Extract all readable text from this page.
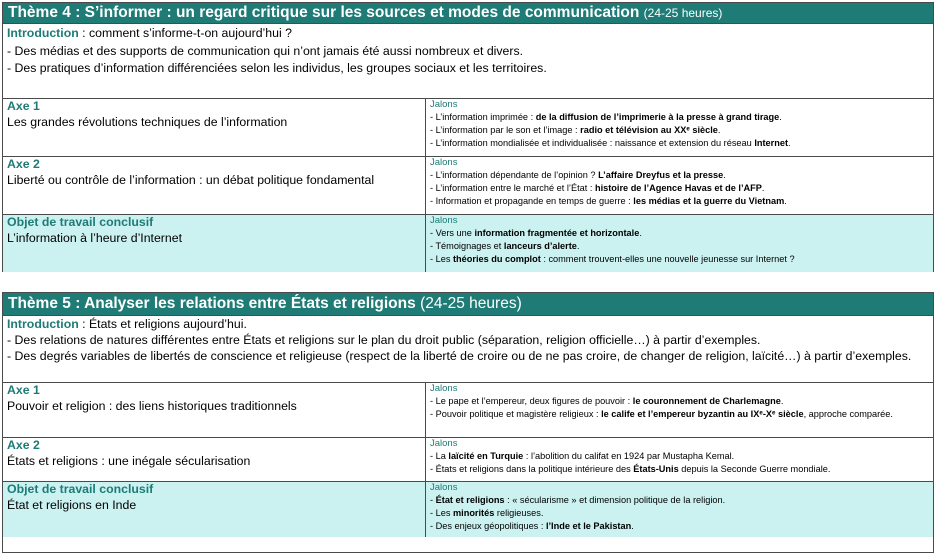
Thème 4 : S’informer : un regard critique sur les sources et modes de communication (24-25 heures)
Introduction : comment s’informe-t-on aujourd’hui ?
- Des médias et des supports de communication qui n’ont jamais été aussi nombreux et divers.
- Des pratiques d’information différenciées selon les individus, les groupes sociaux et les territoires.
Axe 1
Les grandes révolutions techniques de l’information
Jalons
- L’information imprimée : de la diffusion de l’imprimerie à la presse à grand tirage.
- L’information par le son et l’image : radio et télévision au XXᵉ siècle.
- L’information mondialisée et individualisée : naissance et extension du réseau Internet.
Axe 2
Liberté ou contrôle de l’information : un débat politique fondamental
Jalons
- L’information dépendante de l’opinion ? L’affaire Dreyfus et la presse.
- L’information entre le marché et l’État : histoire de l’Agence Havas et de l’AFP.
- Information et propagande en temps de guerre : les médias et la guerre du Vietnam.
Objet de travail conclusif
L’information à l’heure d’Internet
Jalons
- Vers une information fragmentée et horizontale.
- Témoignages et lanceurs d’alerte.
- Les théories du complot : comment trouvent-elles une nouvelle jeunesse sur Internet ?
Thème 5 : Analyser les relations entre États et religions (24-25 heures)
Introduction : États et religions aujourd’hui.
- Des relations de natures différentes entre États et religions sur le plan du droit public (séparation, religion officielle…) à partir d’exemples.
- Des degrés variables de libertés de conscience et religieuse (respect de la liberté de croire ou de ne pas croire, de changer de religion, laïcité…) à partir d’exemples.
Axe 1
Pouvoir et religion : des liens historiques traditionnels
Jalons
- Le pape et l’empereur, deux figures de pouvoir : le couronnement de Charlemagne.
- Pouvoir politique et magistère religieux : le calife et l’empereur byzantin au IXᵉ-Xᵉ siècle, approche comparée.
Axe 2
États et religions : une inégale sécularisation
Jalons
- La laïcité en Turquie : l’abolition du califat en 1924 par Mustapha Kemal.
- États et religions dans la politique intérieure des États-Unis depuis la Seconde Guerre mondiale.
Objet de travail conclusif
État et religions en Inde
Jalons
- État et religions : « sécularisme » et dimension politique de la religion.
- Les minorités religieuses.
- Des enjeux géopolitiques : l’Inde et le Pakistan.
